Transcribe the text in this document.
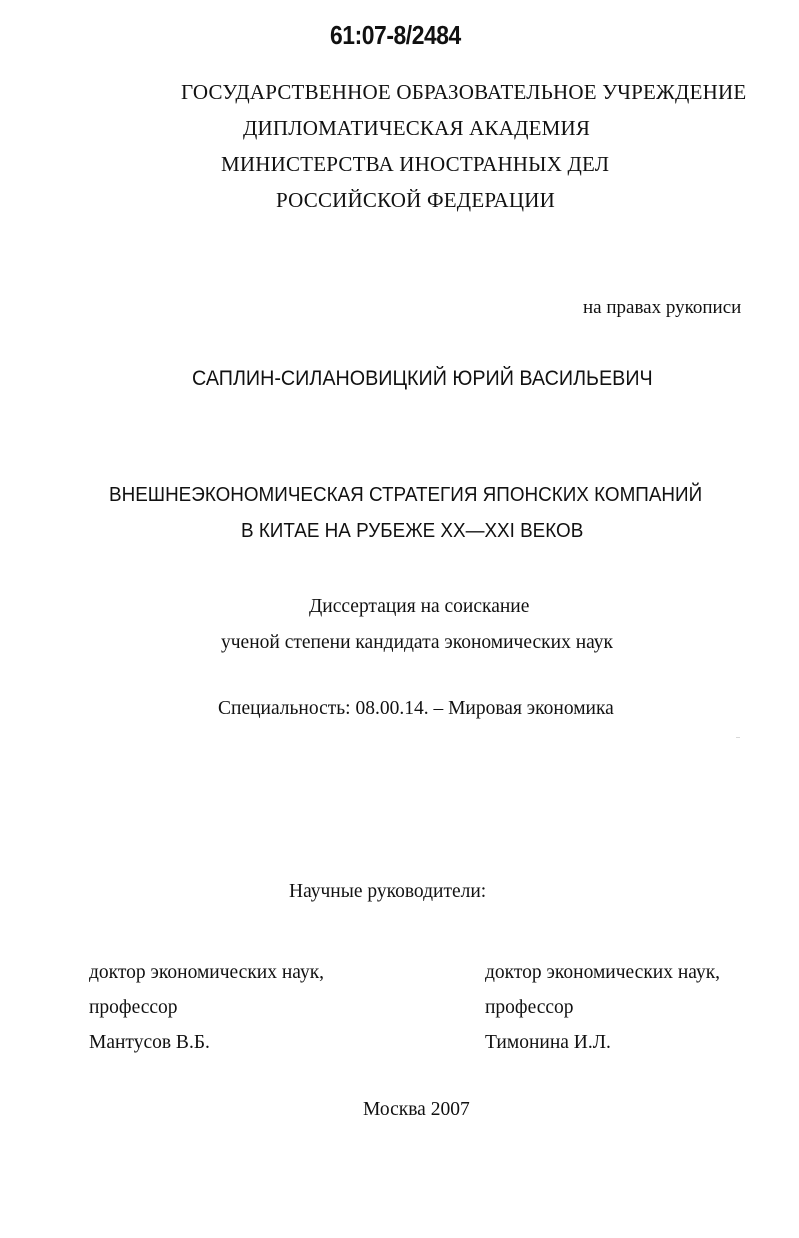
61:07-8/2484
ГОСУДАРСТВЕННОЕ ОБРАЗОВАТЕЛЬНОЕ УЧРЕЖДЕНИЕ
ДИПЛОМАТИЧЕСКАЯ АКАДЕМИЯ
МИНИСТЕРСТВА ИНОСТРАННЫХ ДЕЛ
РОССИЙСКОЙ ФЕДЕРАЦИИ
на правах рукописи
САПЛИН-СИЛАНОВИЦКИЙ ЮРИЙ ВАСИЛЬЕВИЧ
ВНЕШНЕЭКОНОМИЧЕСКАЯ СТРАТЕГИЯ ЯПОНСКИХ КОМПАНИЙ
В КИТАЕ НА РУБЕЖЕ XX—XXI ВЕКОВ
Диссертация на соискание
ученой степени кандидата экономических наук
Специальность: 08.00.14. – Мировая экономика
Научные руководители:
доктор экономических наук,
профессор
Мантусов В.Б.
доктор экономических наук,
профессор
Тимонина И.Л.
Москва 2007
